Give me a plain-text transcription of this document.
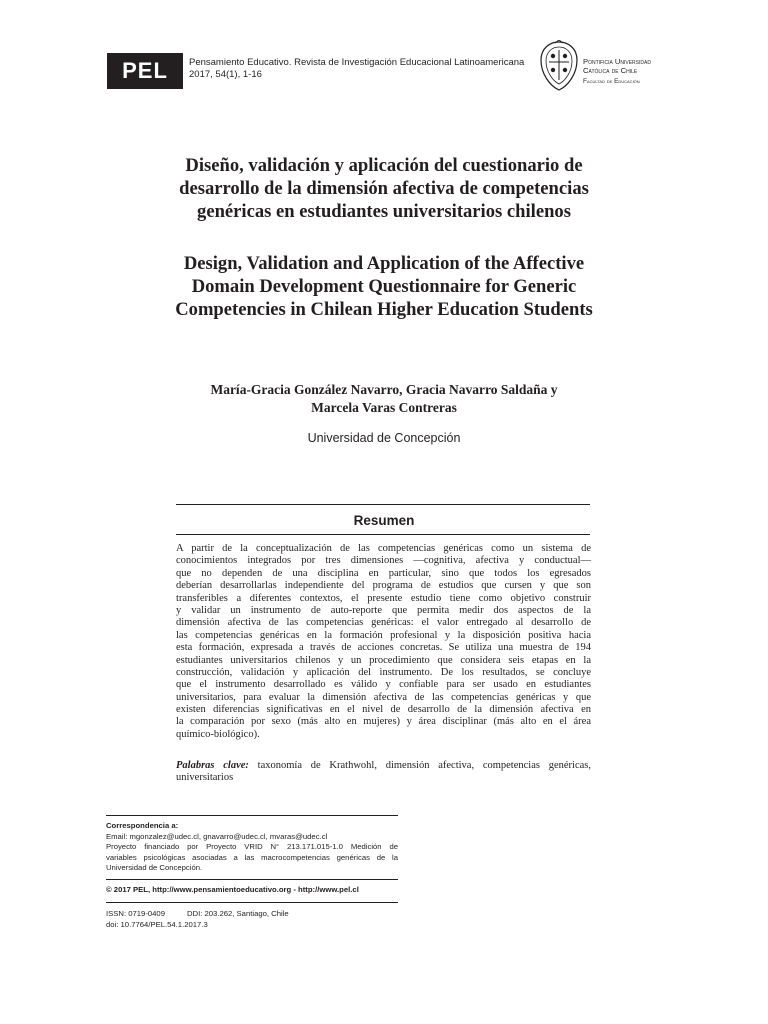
PEL Pensamiento Educativo. Revista de Investigación Educacional Latinoamericana
2017, 54(1), 1-16
Pontificia Universidad
Católica de Chile
Facultad de Educación
Diseño, validación y aplicación del cuestionario de
desarrollo de la dimensión afectiva de competencias
genéricas en estudiantes universitarios chilenos
Design, Validation and Application of the Affective
Domain Development Questionnaire for Generic
Competencies in Chilean Higher Education Students
María-Gracia González Navarro, Gracia Navarro Saldaña y
Marcela Varas Contreras
Universidad de Concepción
Resumen
A partir de la conceptualización de las competencias genéricas como un sistema de
conocimientos integrados por tres dimensiones —cognitiva, afectiva y conductual—
que no dependen de una disciplina en particular, sino que todos los egresados
deberían desarrollarlas independiente del programa de estudios que cursen y que son
transferibles a diferentes contextos, el presente estudio tiene como objetivo construir
y validar un instrumento de auto-reporte que permita medir dos aspectos de la
dimensión afectiva de las competencias genéricas: el valor entregado al desarrollo de
las competencias genéricas en la formación profesional y la disposición positiva hacia
esta formación, expresada a través de acciones concretas. Se utiliza una muestra de 194
estudiantes universitarios chilenos y un procedimiento que considera seis etapas en la
construcción, validación y aplicación del instrumento. De los resultados, se concluye
que el instrumento desarrollado es válido y confiable para ser usado en estudiantes
universitarios, para evaluar la dimensión afectiva de las competencias genéricas y que
existen diferencias significativas en el nivel de desarrollo de la dimensión afectiva en
la comparación por sexo (más alto en mujeres) y área disciplinar (más alto en el área
químico-biológico).
Palabras clave: taxonomía de Krathwohl, dimensión afectiva, competencias genéricas,
universitarios
Correspondencia a:
Email: mgonzalez@udec.cl, gnavarro@udec.cl, mvaras@udec.cl
Proyecto financiado por Proyecto VRID N° 213.171.015-1.0 Medición de
variables psicológicas asociadas a las macrocompetencias genéricas de la
Universidad de Concepción.
© 2017 PEL, http://www.pensamientoeducativo.org - http://www.pel.cl
ISSN: 0719-0409	DDI: 203.262, Santiago, Chile
doi: 10.7764/PEL.54.1.2017.3
